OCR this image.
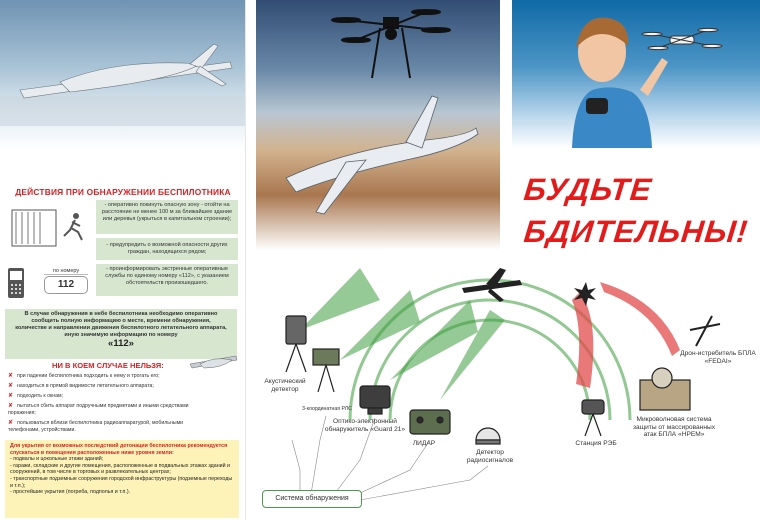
ДЕЙСТВИЯ ПРИ ОБНАРУЖЕНИИ БЕСПИЛОТНИКА
- оперативно покинуть опасную зону - отойти на расстояние не менее 100 м за ближайшее здание или деревья (укрыться в капитальном строении);
- предупредить о возможной опасности других граждан, находящихся рядом;
- проинформировать экстренные оперативные службы по единому номеру «112», с указанием обстоятельств произошедшего.
по номеру
112
В случае обнаружения в небе беспилотника необходимо оперативно сообщить полную информацию о месте, времени обнаружения, количестве и направлении движения беспилотного летательного аппарата, иную значимую информацию по номеру
«112»
НИ В КОЕМ СЛУЧАЕ НЕЛЬЗЯ:
✘ при падении беспилотника подходить к нему и трогать его;
✘ находиться в прямой видимости летательного аппарата;
✘ подходить к окнам;
✘ пытаться сбить аппарат подручными предметами и иными средствами поражения;
✘ пользоваться вблизи беспилотника радиоаппаратурой, мобильными телефонами, устройствами.
Для укрытия от возможных последствий детонации беспилотника рекомендуется спускаться в помещения расположенные ниже уровня земли:
- подвалы и цокольные этажи зданий;
- гаражи, складские и другие помещения, расположенные в подвальных этажах зданий и сооружений, в том числе в торговых и развлекательных центрах;
- транспортные подземные сооружения городской инфраструктуры (подземные переходы и т.п.);
- простейшие укрытия (погреба, подполья и т.п.).
БУДЬТЕ
БДИТЕЛЬНЫ!
Акустический детектор
3-координатная РЛС
Оптико-электронный обнаружитель «Guard 21»
ЛИДАР
Детектор радиосигналов
Станция РЭБ
Микроволновая система защиты от массированных атак БПЛА «НРЕМ»
Дрон-истребитель БПЛА «FEDAI»
Система обнаружения
